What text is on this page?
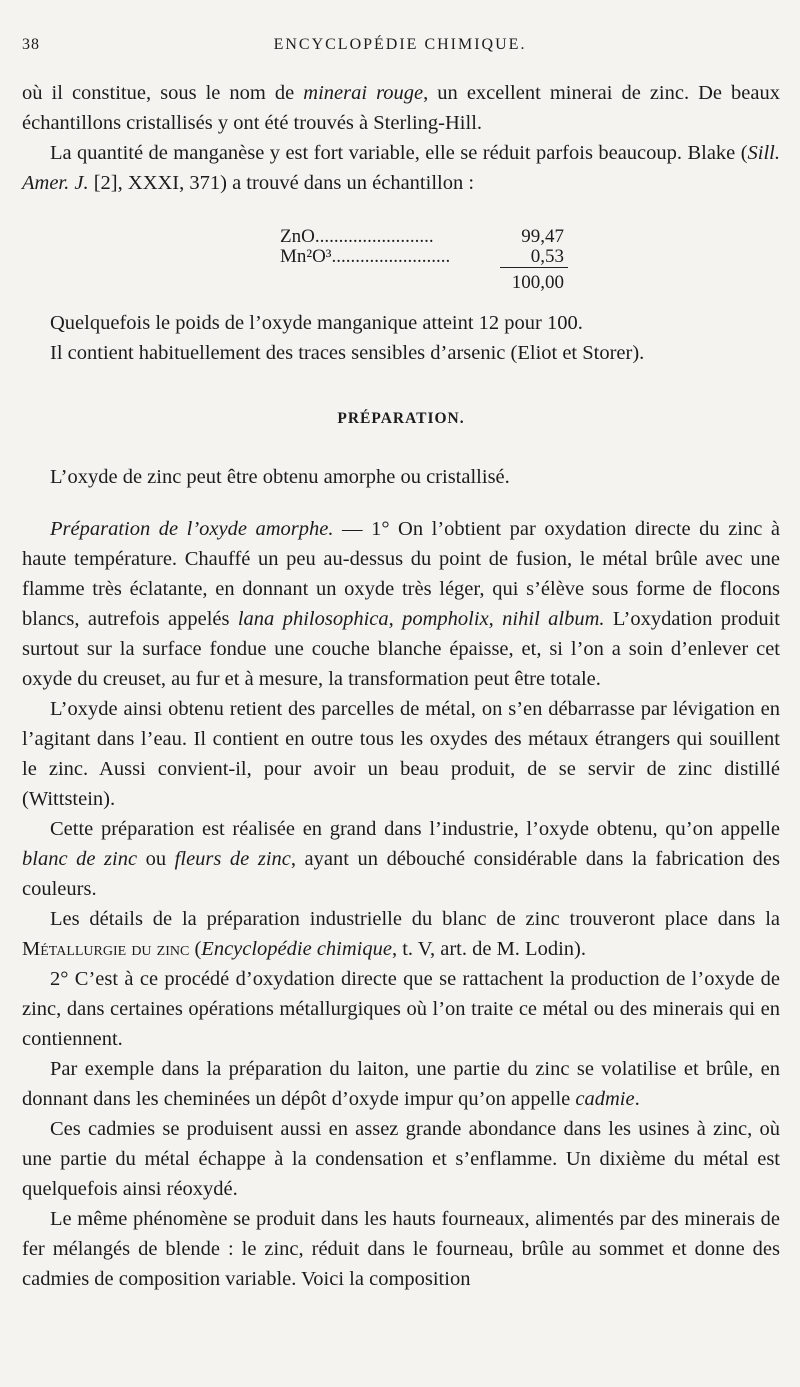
38	ENCYCLOPÉDIE CHIMIQUE.

où il constitue, sous le nom de minerai rouge, un excellent minerai de zinc. De beaux échantillons cristallisés y ont été trouvés à Sterling-Hill.

La quantité de manganèse y est fort variable, elle se réduit parfois beaucoup. Blake (Sill. Amer. J. [2], XXXI, 371) a trouvé dans un échantillon :

ZnO.........................	99,47
Mn²O³.........................	0,53
100,00

Quelquefois le poids de l’oxyde manganique atteint 12 pour 100.

Il contient habituellement des traces sensibles d’arsenic (Eliot et Storer).

PRÉPARATION.

L’oxyde de zinc peut être obtenu amorphe ou cristallisé.

Préparation de l’oxyde amorphe. — 1° On l’obtient par oxydation directe du zinc à haute température. Chauffé un peu au-dessus du point de fusion, le métal brûle avec une flamme très éclatante, en donnant un oxyde très léger, qui s’élève sous forme de flocons blancs, autrefois appelés lana philosophica, pompholix, nihil album. L’oxydation produit surtout sur la surface fondue une couche blanche épaisse, et, si l’on a soin d’enlever cet oxyde du creuset, au fur et à mesure, la transformation peut être totale.

L’oxyde ainsi obtenu retient des parcelles de métal, on s’en débarrasse par lévigation en l’agitant dans l’eau. Il contient en outre tous les oxydes des métaux étrangers qui souillent le zinc. Aussi convient-il, pour avoir un beau produit, de se servir de zinc distillé (Wittstein).

Cette préparation est réalisée en grand dans l’industrie, l’oxyde obtenu, qu’on appelle blanc de zinc ou fleurs de zinc, ayant un débouché considérable dans la fabrication des couleurs.

Les détails de la préparation industrielle du blanc de zinc trouveront place dans la Métallurgie du zinc (Encyclopédie chimique, t. V, art. de M. Lodin).

2° C’est à ce procédé d’oxydation directe que se rattachent la production de l’oxyde de zinc, dans certaines opérations métallurgiques où l’on traite ce métal ou des minerais qui en contiennent.

Par exemple dans la préparation du laiton, une partie du zinc se volatilise et brûle, en donnant dans les cheminées un dépôt d’oxyde impur qu’on appelle cadmie.

Ces cadmies se produisent aussi en assez grande abondance dans les usines à zinc, où une partie du métal échappe à la condensation et s’enflamme. Un dixième du métal est quelquefois ainsi réoxydé.

Le même phénomène se produit dans les hauts fourneaux, alimentés par des minerais de fer mélangés de blende : le zinc, réduit dans le fourneau, brûle au sommet et donne des cadmies de composition variable. Voici la composition
